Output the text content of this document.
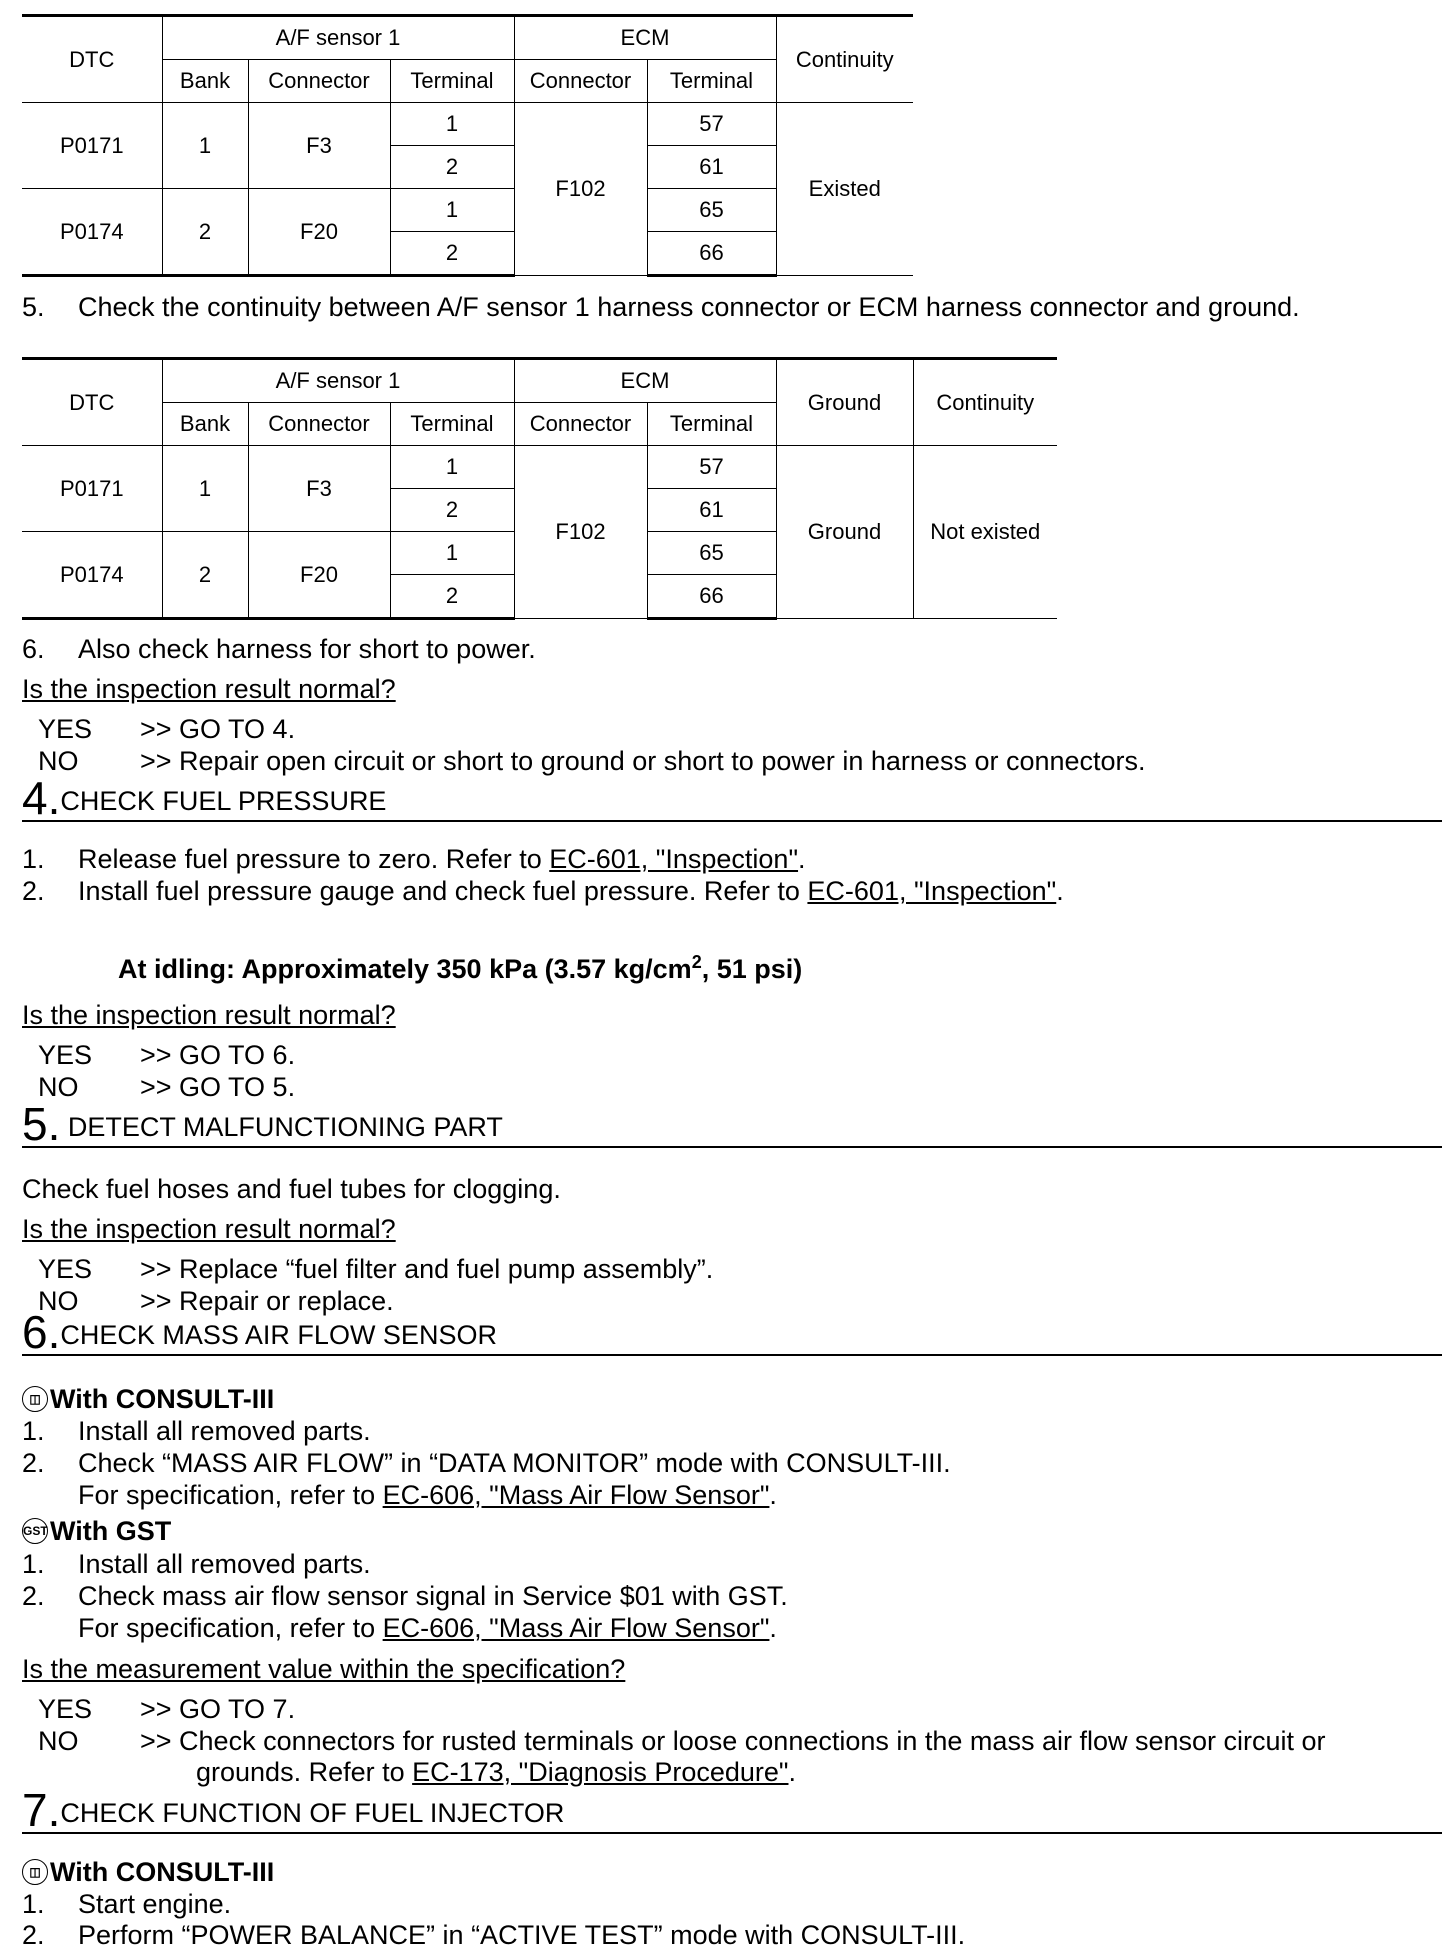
DTC	A/F sensor 1			ECM		Continuity
	Bank	Connector	Terminal	Connector	Terminal	
P0171	1	F3	1	F102	57	Existed
			2		61	
P0174	2	F20	1		65	
			2		66	
5. Check the continuity between A/F sensor 1 harness connector or ECM harness connector and ground.
DTC	A/F sensor 1			ECM		Ground	Continuity
	Bank	Connector	Terminal	Connector	Terminal		
P0171	1	F3	1	F102	57	Ground	Not existed
			2		61		
P0174	2	F20	1		65		
			2		66		
6. Also check harness for short to power.
Is the inspection result normal?
YES >> GO TO 4.
NO >> Repair open circuit or short to ground or short to power in harness or connectors.
4.CHECK FUEL PRESSURE
1. Release fuel pressure to zero. Refer to EC-601, "Inspection".
2. Install fuel pressure gauge and check fuel pressure. Refer to EC-601, "Inspection".
At idling: Approximately 350 kPa (3.57 $kg/cm^2$, 51 psi)
Is the inspection result normal?
YES >> GO TO 6.
NO >> GO TO 5.
5. DETECT MALFUNCTIONING PART
Check fuel hoses and fuel tubes for clogging.
Is the inspection result normal?
YES >> Replace “fuel filter and fuel pump assembly”.
NO >> Repair or replace.
6.CHECK MASS AIR FLOW SENSOR
◫ With CONSULT-III
1. Install all removed parts.
2. Check “MASS AIR FLOW” in “DATA MONITOR” mode with CONSULT-III.
For specification, refer to EC-606, "Mass Air Flow Sensor".
GSTWith GST
1. Install all removed parts.
2. Check mass air flow sensor signal in Service $01 with GST.
For specification, refer to EC-606, "Mass Air Flow Sensor".
Is the measurement value within the specification?
YES >> GO TO 7.
NO >> Check connectors for rusted terminals or loose connections in the mass air flow sensor circuit or
grounds. Refer to EC-173, "Diagnosis Procedure".
7.CHECK FUNCTION OF FUEL INJECTOR
◫ With CONSULT-III
1. Start engine.
2. Perform “POWER BALANCE” in “ACTIVE TEST” mode with CONSULT-III.
